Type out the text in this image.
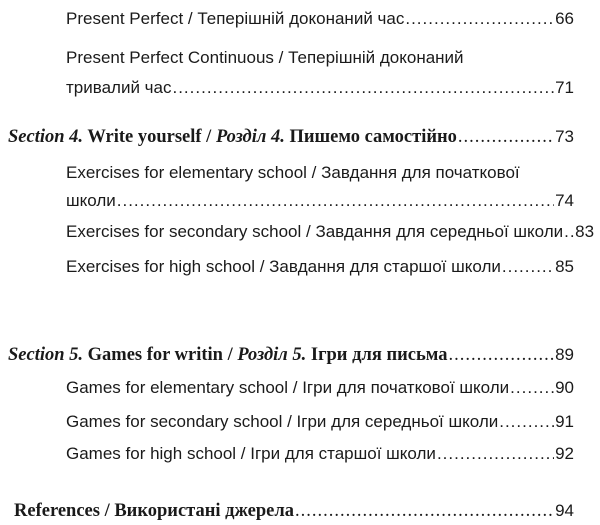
Present Perfect / Теперішній доконаний час .....	66
Present Perfect Continuous / Теперішній доконаний
тривалий час .....	71
Section 4. Write yourself / Розділ 4. Пишемо самостійно .....	73
Exercises for elementary school / Завдання для початкової
школи .....	74
Exercises for secondary school / Завдання для середньої школи ..... 83
Exercises for high school / Завдання для старшої школи .....	85
Section 5. Games for writin / Розділ 5. Ігри для письма .....	89
Games for elementary school / Ігри для початкової школи .....	90
Games for secondary school / Ігри для середньої школи .....	91
Games for high school / Ігри для старшої школи .....	92
References / Використані джерела .....	94
